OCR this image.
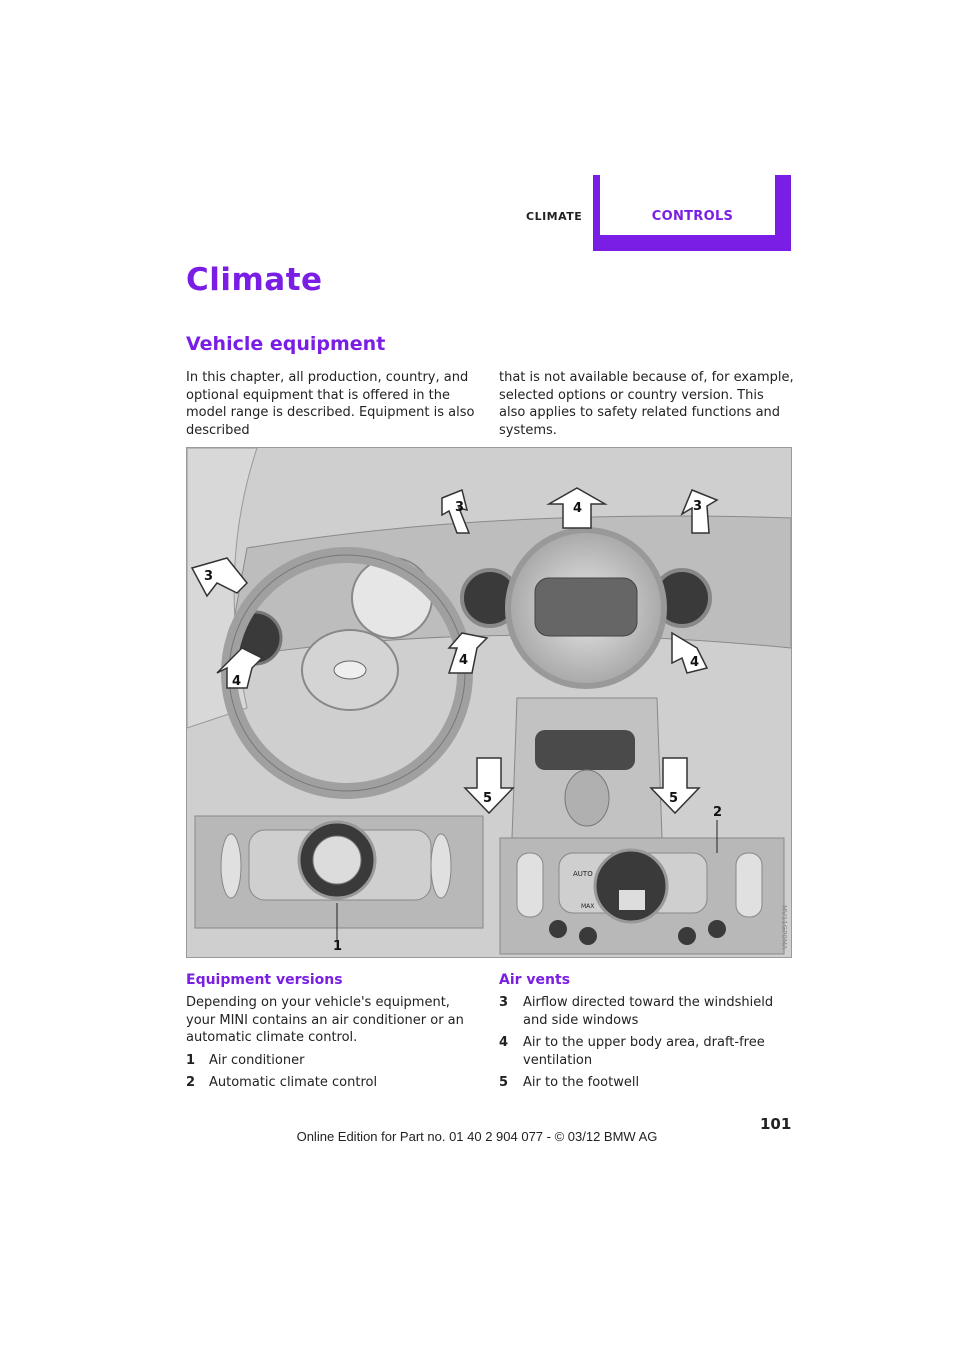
CLIMATE	CONTROLS
Climate
Vehicle equipment
In this chapter, all production, country, and optional equipment that is offered in the model range is described. Equipment is also described
that is not available because of, for example, selected options or country version. This also applies to safety related functions and systems.
3	4	3
3
4
4	4
5	5
1
AUTO
MAX
2
MV11GP0MA
Equipment versions
Depending on your vehicle's equipment, your MINI contains an air conditioner or an automatic climate control.
1 Air conditioner
2 Automatic climate control
Air vents
3 Airflow directed toward the windshield and side windows
4 Air to the upper body area, draft-free ventilation
5 Air to the footwell
101
Online Edition for Part no. 01 40 2 904 077 - © 03/12 BMW AG
